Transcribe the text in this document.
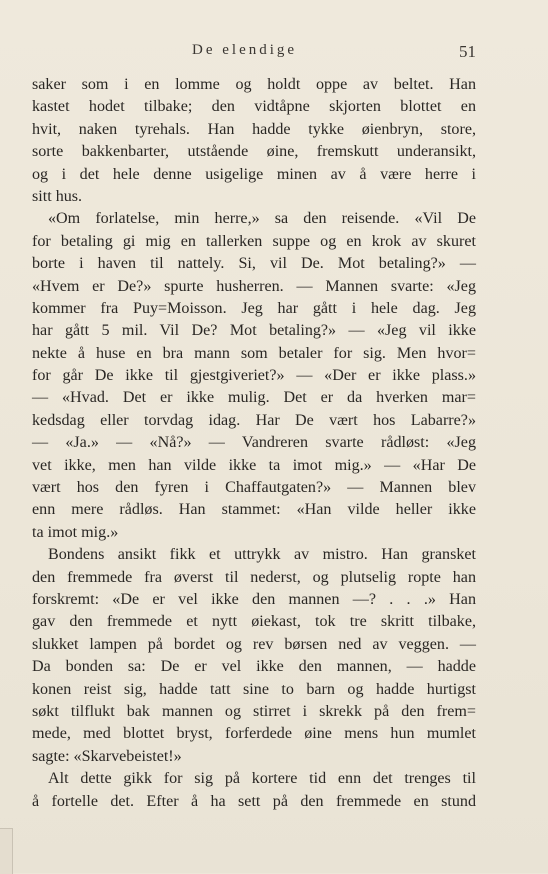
De elendige	51
saker som i en lomme og holdt oppe av beltet. Han
kastet hodet tilbake; den vidtåpne skjorten blottet en
hvit, naken tyrehals. Han hadde tykke øienbryn, store,
sorte bakkenbarter, utstående øine, fremskutt underansikt,
og i det hele denne usigelige minen av å være herre i
sitt hus.
«Om forlatelse, min herre,» sa den reisende. «Vil De
for betaling gi mig en tallerken suppe og en krok av skuret
borte i haven til nattely. Si, vil De. Mot betaling?» —
«Hvem er De?» spurte husherren. — Mannen svarte: «Jeg
kommer fra Puy=Moisson. Jeg har gått i hele dag. Jeg
har gått 5 mil. Vil De? Mot betaling?» — «Jeg vil ikke
nekte å huse en bra mann som betaler for sig. Men hvor=
for går De ikke til gjestgiveriet?» — «Der er ikke plass.»
— «Hvad. Det er ikke mulig. Det er da hverken mar=
kedsdag eller torvdag idag. Har De vært hos Labarre?»
— «Ja.» — «Nå?» — Vandreren svarte rådløst: «Jeg
vet ikke, men han vilde ikke ta imot mig.» — «Har De
vært hos den fyren i Chaffautgaten?» — Mannen blev
enn mere rådløs. Han stammet: «Han vilde heller ikke
ta imot mig.»
Bondens ansikt fikk et uttrykk av mistro. Han gransket
den fremmede fra øverst til nederst, og plutselig ropte han
forskremt: «De er vel ikke den mannen —? . . .» Han
gav den fremmede et nytt øiekast, tok tre skritt tilbake,
slukket lampen på bordet og rev børsen ned av veggen. —
Da bonden sa: De er vel ikke den mannen, — hadde
konen reist sig, hadde tatt sine to barn og hadde hurtigst
søkt tilflukt bak mannen og stirret i skrekk på den frem=
mede, med blottet bryst, forferdede øine mens hun mumlet
sagte: «Skarvebeistet!»
Alt dette gikk for sig på kortere tid enn det trenges til
å fortelle det. Efter å ha sett på den fremmede en stund
